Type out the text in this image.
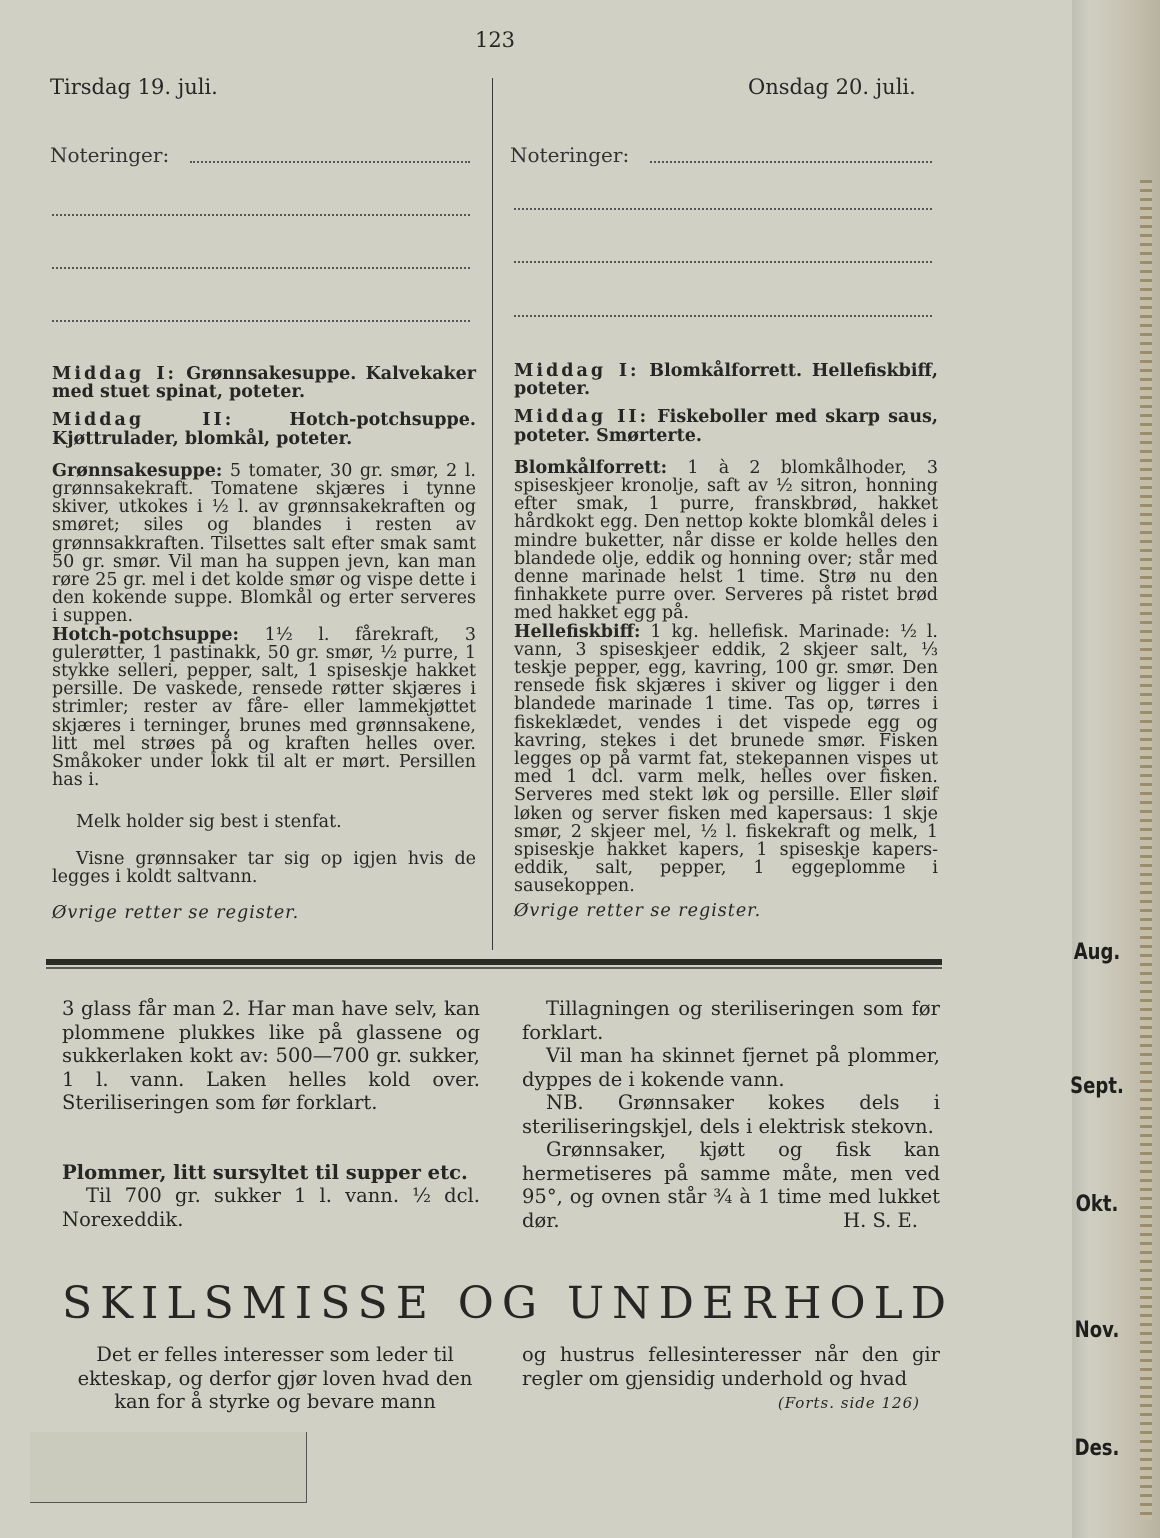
123
Tirsdag 19. juli.	Onsdag 20. juli.
Noteringer:	Noteringer:

Middag I: Grønnsakesuppe. Kalvekaker med stuet spinat, poteter.

Middag II:	Hotch-potchsuppe. Kjøttrulader, blomkål, poteter.

Grønnsakesuppe: 5 tomater, 30 gr. smør, 2 l. grønnsakekraft. Tomatene skjæres i tynne skiver, utkokes i ½ l. av grønnsakekraften og smøret; siles og blandes i resten av grønnsakkraften. Tilsettes salt efter smak samt 50 gr. smør. Vil man ha suppen jevn, kan man røre 25 gr. mel i det kolde smør og vispe dette i den kokende suppe. Blomkål og erter serveres i suppen.

Hotch-potchsuppe: 1½ l. fårekraft, 3 gulerøtter, 1 pastinakk, 50 gr. smør, ½ purre, 1 stykke selleri, pepper, salt, 1 spiseskje hakket persille. De vaskede, rensede røtter skjæres i strimler; rester av fåre- eller lammekjøttet skjæres i terninger, brunes med grønnsakene, litt mel strøes på og kraften helles over. Småkoker under lokk til alt er mørt. Persillen has i.

Melk holder sig best i stenfat.

Visne grønnsaker tar sig op igjen hvis de legges i koldt saltvann.

Øvrige retter se register.

Middag I: Blomkålforrett. Hellefiskbiff, poteter.

Middag II: Fiskeboller med skarp saus, poteter. Smørterte.

Blomkålforrett: 1 à 2 blomkålhoder, 3 spiseskjeer kronolje, saft av ½ sitron, honning efter smak, 1 purre, franskbrød, hakket hårdkokt egg. Den nettop kokte blomkål deles i mindre buketter, når disse er kolde helles den blandede olje, eddik og honning over; står med denne marinade helst 1 time. Strø nu den finhakkete purre over. Serveres på ristet brød med hakket egg på.

Hellefiskbiff: 1 kg. hellefisk. Marinade: ½ l. vann, 3 spiseskjeer eddik, 2 skjeer salt, ⅓ teskje pepper, egg, kavring, 100 gr. smør. Den rensede fisk skjæres i skiver og ligger i den blandede marinade 1 time. Tas op, tørres i fiskeklædet, vendes i det vispede egg og kavring, stekes i det brunede smør. Fisken legges op på varmt fat, stekepannen vispes ut med 1 dcl. varm melk, helles over fisken. Serveres med stekt løk og persille. Eller sløif løken og server fisken med kapersaus: 1 skje smør, 2 skjeer mel, ½ l. fiskekraft og melk, 1 spiseskje hakket kapers, 1 spiseskje kapers-eddik, salt, pepper, 1 eggeplomme i sausekoppen.

Øvrige retter se register.

3 glass får man 2. Har man have selv, kan plommene plukkes like på glassene og sukkerlaken kokt av: 500—700 gr. sukker, 1 l. vann. Laken helles kold over. Steriliseringen som før forklart.

Plommer, litt sursyltet til supper etc.

Til 700 gr. sukker 1 l. vann. ½ dcl. Norexeddik.

Tillagningen og steriliseringen som før forklart.

Vil man ha skinnet fjernet på plommer, dyppes de i kokende vann.

NB. Grønnsaker kokes dels i steriliseringskjel, dels i elektrisk stekovn.

Grønnsaker, kjøtt og fisk kan hermetiseres på samme måte, men ved 95°, og ovnen står ¾ à 1 time med lukket dør.	H. S. E.

SKILSMISSE OG UNDERHOLD
Det er felles interesser som leder til ekteskap, og derfor gjør loven hvad den kan for å styrke og bevare mann
og hustrus fellesinteresser når den gir regler om gjensidig underhold og hvad
(Forts. side 126)
Aug.
Sept.
Okt.
Nov.
Des.
